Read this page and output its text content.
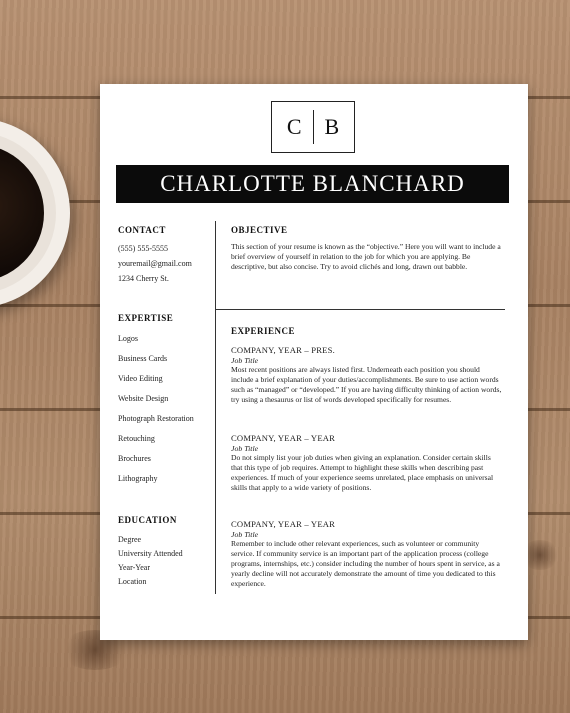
C B
CHARLOTTE BLANCHARD
CONTACT
(555) 555-5555
youremail@gmail.com
1234 Cherry St.
EXPERTISE
Logos
Business Cards
Video Editing
Website Design
Photograph Restoration
Retouching
Brochures
Lithography
EDUCATION
Degree
University Attended
Year-Year
Location
OBJECTIVE
This section of your resume is known as the “objective.” Here you will want to include a brief overview of yourself in relation to the job for which you are applying. Be descriptive, but also concise. Try to avoid clichés and long, drawn out babble.
EXPERIENCE
COMPANY, YEAR – PRES.
Job Title
Most recent positions are always listed first. Underneath each position you should include a brief explanation of your duties/accomplishments. Be sure to use action words such as “managed” or “developed.” If you are having difficulty thinking of action words, try using a thesaurus or list of words developed specifically for resumes.
COMPANY, YEAR – YEAR
Job Title
Do not simply list your job duties when giving an explanation. Consider certain skills that this type of job requires. Attempt to highlight these skills when describing past experiences. If much of your experience seems unrelated, place emphasis on universal skills that apply to a wide variety of positions.
COMPANY, YEAR – YEAR
Job Title
Remember to include other relevant experiences, such as volunteer or community service. If community service is an important part of the application process (college programs, internships, etc.) consider including the number of hours spent in service, as a yearly decline will not accurately demonstrate the amount of time you dedicated to this experience.
